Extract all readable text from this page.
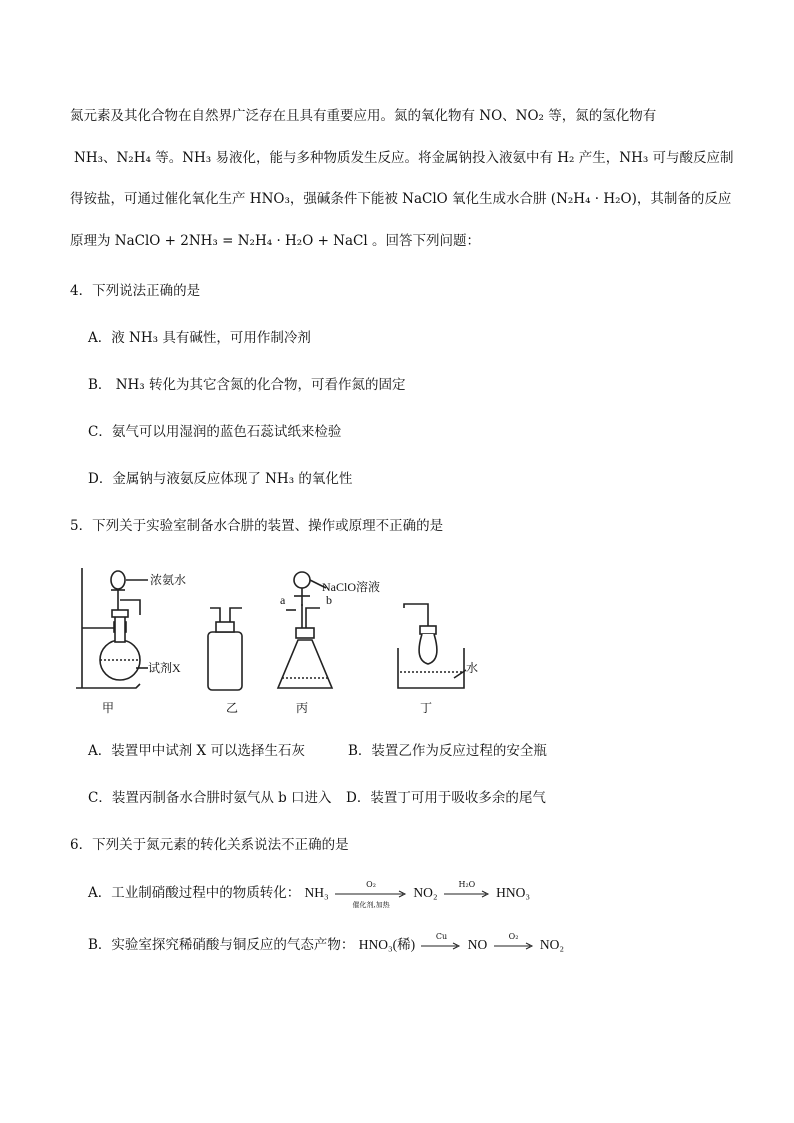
氮元素及其化合物在自然界广泛存在且具有重要应用。氮的氧化物有 NO、NO₂ 等，氮的氢化物有
NH₃、N₂H₄ 等。NH₃ 易液化，能与多种物质发生反应。将金属钠投入液氨中有 H₂ 产生，NH₃ 可与酸反应制
得铵盐，可通过催化氧化生产 HNO₃，强碱条件下能被 NaClO 氧化生成水合肼 (N₂H₄ · H₂O)，其制备的反应
原理为 NaClO + 2NH₃ = N₂H₄ · H₂O + NaCl 。回答下列问题：
4．下列说法正确的是
A．液 NH₃ 具有碱性，可用作制冷剂
B． NH₃ 转化为其它含氮的化合物，可看作氮的固定
C．氨气可以用湿润的蓝色石蕊试纸来检验
D．金属钠与液氨反应体现了 NH₃ 的氧化性
5．下列关于实验室制备水合肼的装置、操作或原理不正确的是
浓氨水
试剂X
NaClO溶液
a	b
水
甲	乙	丙	丁
A．装置甲中试剂 X 可以选择生石灰	B．装置乙作为反应过程的安全瓶
C．装置丙制备水合肼时氨气从 b 口进入 D．装置丁可用于吸收多余的尾气
6．下列关于氮元素的转化关系说法不正确的是
A．工业制硝酸过程中的物质转化： NH₃
O₂
催化剂,加热
NO₂
H₂O
HNO₃
B．实验室探究稀硝酸与铜反应的气态产物： HNO₃(稀)
Cu
NO
O₂
NO₂
